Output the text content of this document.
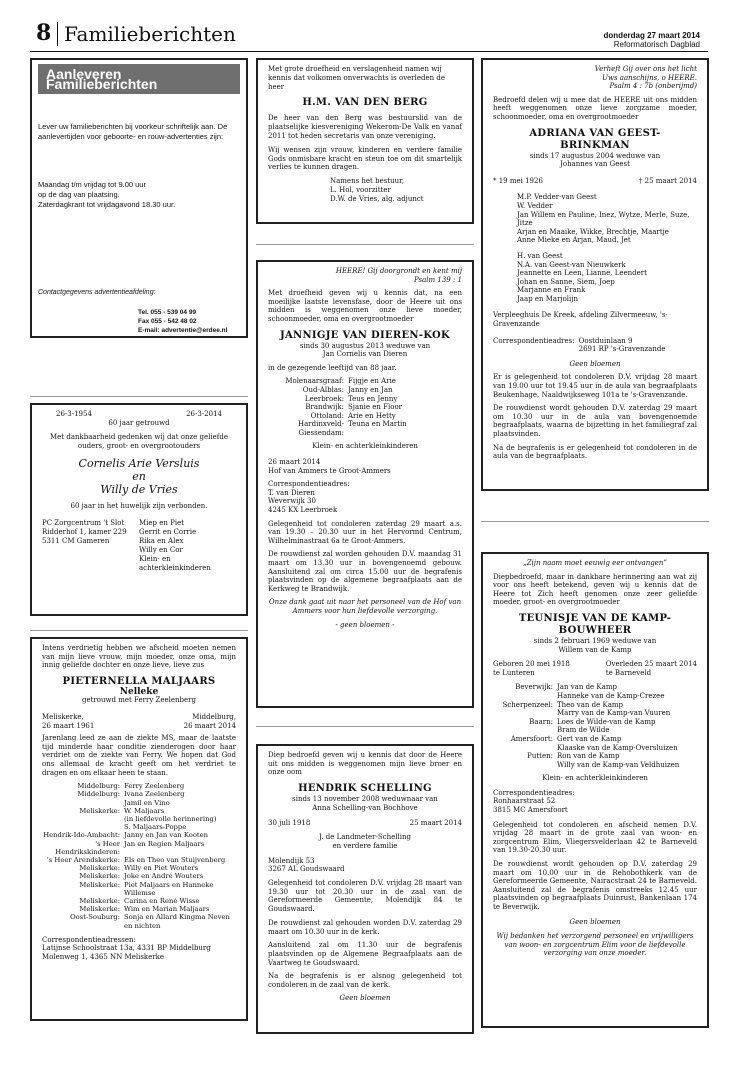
8 Familieberichten	donderdag 27 maart 2014
Reformatorisch Dagblad
Aanleveren Familieberichten
Lever uw familieberichten bij voorkeur schriftelijk aan. De aanlevertijden voor geboorte- en rouw-advertenties zijn:
Maandag t/m vrijdag tot 9.00 uur
op de dag van plaatsing.
Zaterdagkrant tot vrijdagavond 18.30 uur.
Contactgegevens advertentieafdeling:
Tel. 055 - 539 04 99
Fax 055 - 542 48 02
E-mail: advertentie@erdee.nl
26-3-1954	26-3-2014
60 jaar getrouwd
Met dankbaarheid gedenken wij dat onze geliefde ouders, groot- en overgrootouders
Cornelis Arie Versluis
en
Willy de Vries
60 jaar in het huwelijk zijn verbonden.
PC Zorgcentrum 't Slot
Ridderhof 1, kamer 229
5311 CM Gameren
Miep en Piet
Gerrit en Corrie
Rika en Alex
Willy en Cor
Klein- en
achterkleinkinderen
Intens verdrietig hebben we afscheid moeten nemen van mijn lieve vrouw, mijn moeder, onze oma, mijn innig geliefde dochter en onze lieve, lieve zus
PIETERNELLA MALJAARS
Nelleke
getrouwd met Ferry Zeelenberg
Meliskerke,
26 maart 1961
Middelburg,
26 maart 2014
Jarenlang leed ze aan de ziekte MS, maar de laatste tijd minderde haar conditie zienderogen door haar verdriet om de ziekte van Ferry. We hopen dat God ons allemaal de kracht geeft om het verdriet te dragen en om elkaar heen te staan.
Middelburg: Ferry Zeelenberg
Middelburg: Ivana Zeelenberg
Jamil en Vino
Meliskerke: W. Maljaars
(in liefdevolle herinnering)
S. Maljaars-Poppe
Hendrik-Ido-Ambacht: Janny en Jan van Kooten
's Heer Hendrikskinderen:
Jan en Regien Maljaars
's Heer Arendskerke: Els en Theo van Stuijvenberg
Meliskerke: Willy en Piet Wouters
Meliskerke: Joke en André Wouters
Meliskerke: Piet Maljaars en Hanneke Willemse
Meliskerke: Carina en René Wisse
Meliskerke: Wim en Marian Maljaars
Oost-Souburg: Sonja en Allard Kingma Neven en nichten
Correspondentieadressen:
Latijnse Schoolstraat 13a, 4331 BP Middelburg
Molenweg 1, 4365 NN Meliskerke
Met grote droefheid en verslagenheid namen wij kennis dat volkomen onverwachts is overleden de heer
H.M. VAN DEN BERG
De heer van den Berg was bestuurslid van de plaatselijke kiesvereniging Wekerom-De Valk en vanaf 2011 tot heden secretaris van onze vereniging.
Wij wensen zijn vrouw, kinderen en verdere familie Gods onmisbare kracht en steun toe om dit smartelijk verlies te kunnen dragen.
Namens het bestuur,
L. Hol, voorzitter
D.W. de Vries, alg. adjunct
HEERE! Gij doorgrondt en kent mij
Psalm 139 : 1
Met droefheid geven wij u kennis dat, na een moeilijke laatste levensfase, door de Heere uit ons midden is weggenomen onze lieve moeder, schoonmoeder, oma en overgrootmoeder
JANNIGJE VAN DIEREN-KOK
sinds 30 augustus 2013 weduwe van
Jan Cornelis van Dieren
in de gezegende leeftijd van 88 jaar.
Molenaarsgraaf: Fijgje en Arie
Oud-Alblas: Janny en Jan
Leerbroek: Teus en Jenny
Brandwijk: Sjanie en Floor
Ottoland: Arie en Hetty
Hardinxveld-Giessendam:
Teuna en Martin
Klein- en achterkleinkinderen
26 maart 2014
Hof van Ammers te Groot-Ammers
Correspondentieadres:
T. van Dieren
Weverwijk 30
4245 KX Leerbroek
Gelegenheid tot condoleren zaterdag 29 maart a.s. van 19.30 – 20.30 uur in het Hervormd Centrum, Wilhelminastraat 6a te Groot-Ammers.
De rouwdienst zal worden gehouden D.V. maandag 31 maart om 13.30 uur in bovengenoemd gebouw. Aansluitend zal om circa 15.00 uur de begrafenis plaatsvinden op de algemene begraafplaats aan de Kerkweg te Brandwijk.
Onze dank gaat uit naar het personeel van de Hof van Ammers voor hun liefdevolle verzorging.
- geen bloemen -
Diep bedroefd geven wij u kennis dat door de Heere uit ons midden is weggenomen mijn lieve broer en onze oom
HENDRIK SCHELLING
sinds 13 november 2008 weduwnaar van
Anna Schelling-van Bochhove
30 juli 1918	25 maart 2014
J. de Landmeter-Schelling
en verdere familie
Molendijk 53
3267 AL Goudswaard
Gelegenheid tot condoleren D.V. vrijdag 28 maart van 19.30 uur tot 20.30 uur in de zaal van de Gereformeerde Gemeente, Molendijk 84 te Goudswaard.
De rouwdienst zal gehouden worden D.V. zaterdag 29 maart om 10.30 uur in de kerk.
Aansluitend zal om 11.30 uur de begrafenis plaatsvinden op de Algemene Begraafplaats aan de Vaartweg te Goudswaard.
Na de begrafenis is er alsnog gelegenheid tot condoleren in de zaal van de kerk.
Geen bloemen
Verheft Gij over ons het licht
Uws aanschijns, o HEERE.
Psalm 4 : 7b (onberijmd)
Bedroefd delen wij u mee dat de HEERE uit ons midden heeft weggenomen onze lieve zorgzame moeder, schoonmoeder, oma en overgrootmoeder
ADRIANA VAN GEEST-
BRINKMAN
sinds 17 augustus 2004 weduwe van
Johannes van Geest
* 19 mei 1926	† 25 maart 2014
M.P. Vedder-van Geest
W. Vedder
Jan Willem en Pauline, Inez, Wytze, Merle, Suze, Jitze
Arjan en Maaike, Wikke, Brechtje, Maartje
Anne Mieke en Arjan, Maud, Jet
H. van Geest
N.A. van Geest-van Nieuwkerk
Jeannette en Leen, Lianne, Leendert
Johan en Sanne, Siem, Joep
Marjanne en Frank
Jaap en Marjolijn
Verpleeghuis De Kreek, afdeling Zilvermeeuw, 's-Gravenzande
Correspondentieadres: Oostduinlaan 9
2691 RP 's-Gravenzande
Geen bloemen
Er is gelegenheid tot condoleren D.V. vrijdag 28 maart van 19.00 uur tot 19.45 uur in de aula van begraafplaats Beukenhage, Naaldwijkseweg 101a te 's-Gravenzande.
De rouwdienst wordt gehouden D.V. zaterdag 29 maart om 10.30 uur in de aula van bovengenoemde begraafplaats, waarna de bijzetting in het familiegraf zal plaatsvinden.
Na de begrafenis is er gelegenheid tot condoleren in de aula van de begraafplaats.
„Zijn naam moet eeuwig eer ontvangen”
Diepbedroefd, maar in dankbare herinnering aan wat zij voor ons heeft betekend, geven wij u kennis dat de Heere tot Zich heeft genomen onze zeer geliefde moeder, groot- en overgrootmoeder
TEUNISJE VAN DE KAMP-
BOUWHEER
sinds 2 februari 1969 weduwe van
Willem van de Kamp
Geboren 20 mei 1918
te Lunteren
Overleden 25 maart 2014
te Barneveld
Beverwijk: Jan van de Kamp
Hanneke van de Kamp-Crezee
Scherpenzeel: Theo van de Kamp
Marry van de Kamp-van Vuuren
Baarn: Loes de Wilde-van de Kamp
Bram de Wilde
Amersfoort: Gert van de Kamp
Klaaske van de Kamp-Oversluizen
Putten: Ron van de Kamp
Willy van de Kamp-van Veldhuizen
Klein- en achterkleinkinderen
Correspondentieadres:
Ronhaarstraat 52
3815 MC Amersfoort
Gelegenheid tot condoleren en afscheid nemen D.V. vrijdag 28 maart in de grote zaal van woon- en zorgcentrum Elim, Vliegersvelderlaan 42 te Barneveld van 19.30-20.30 uur.
De rouwdienst wordt gehouden op D.V. zaterdag 29 maart om 10.00 uur in de Rehobothkerk van de Gereformeerde Gemeente, Nairacstraat 24 te Barneveld. Aansluitend zal de begrafenis omstreeks 12.45 uur plaatsvinden op begraafplaats Duinrust, Bankenlaan 174 te Beverwijk.
Geen bloemen
Wij bedanken het verzorgend personeel en vrijwilligers van woon- en zorgcentrum Elim voor de liefdevolle verzorging van onze moeder.
